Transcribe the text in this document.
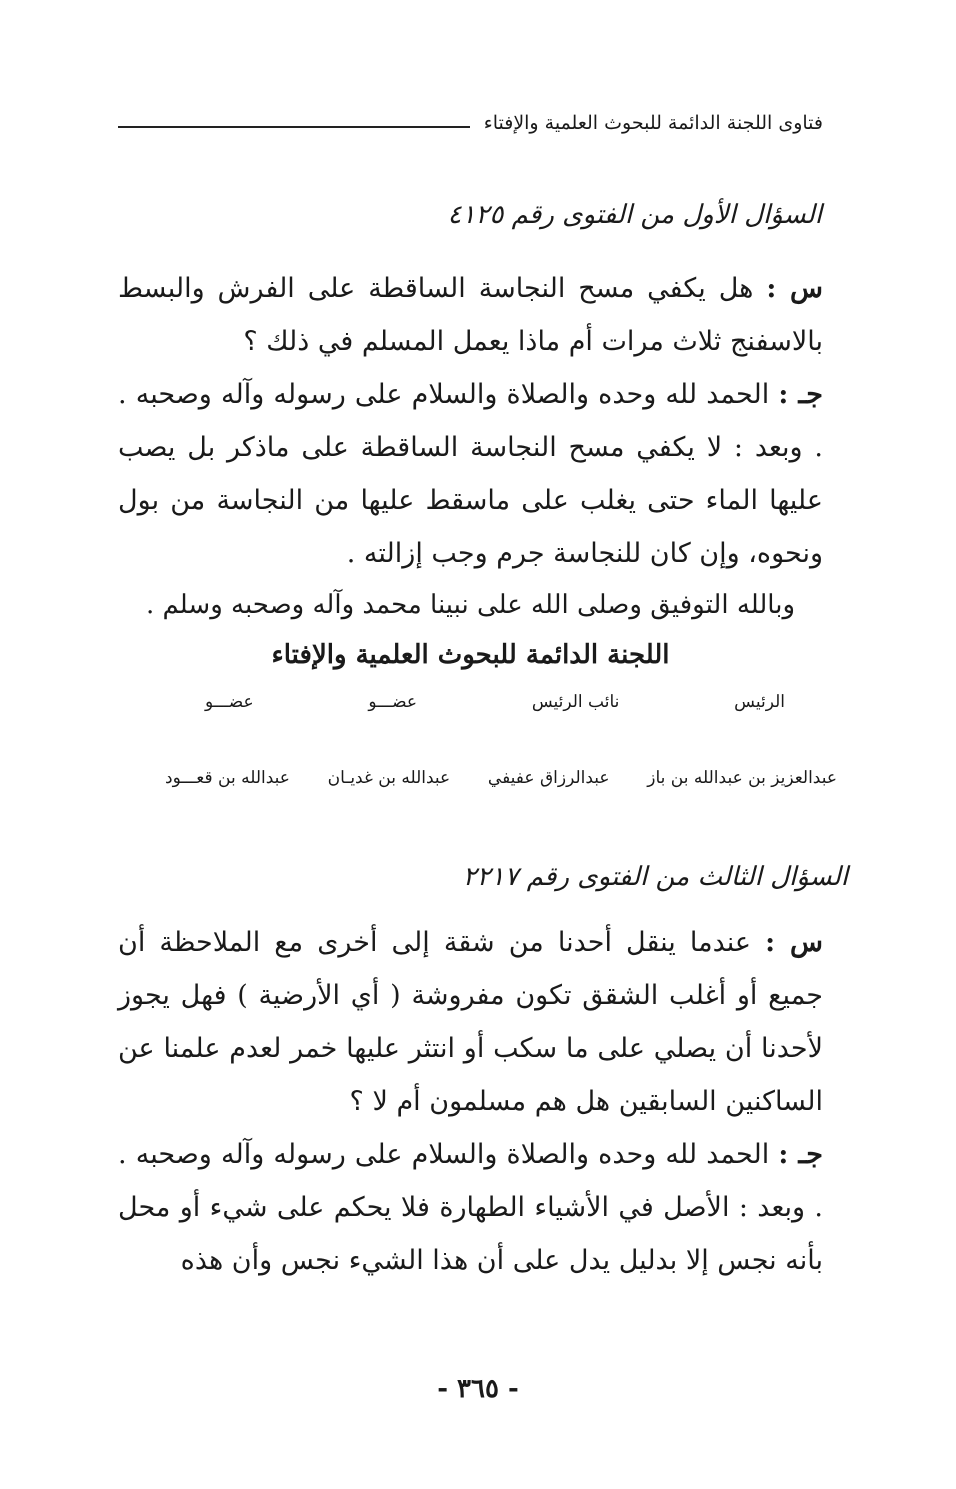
فتاوى اللجنة الدائمة للبحوث العلمية والإفتاء
السؤال الأول من الفتوى رقم ٤١٢٥
س : هل يكفي مسح النجاسة الساقطة على الفرش والبسط بالاسفنج ثلاث مرات أم ماذا يعمل المسلم في ذلك ؟
جـ : الحمد لله وحده والصلاة والسلام على رسوله وآله وصحبه . . وبعد : لا يكفي مسح النجاسة الساقطة على ماذكر بل يصب عليها الماء حتى يغلب على ماسقط عليها من النجاسة من بول ونحوه، وإن كان للنجاسة جرم وجب إزالته .
وبالله التوفيق وصلى الله على نبينا محمد وآله وصحبه وسلم .
اللجنة الدائمة للبحوث العلمية والإفتاء
الرئيس
نائب الرئيس
عضـــو
عضـــو
عبدالعزيز بن عبدالله بن باز
عبدالرزاق عفيفي
عبدالله بن غديـان
عبدالله بن قعـــود
السؤال الثالث من الفتوى رقم ٢٢١٧
س : عندما ينقل أحدنا من شقة إلى أخرى مع الملاحظة أن جميع أو أغلب الشقق تكون مفروشة ( أي الأرضية ) فهل يجوز لأحدنا أن يصلي على ما سكب أو انتثر عليها خمر لعدم علمنا عن الساكنين السابقين هل هم مسلمون أم لا ؟
جـ : الحمد لله وحده والصلاة والسلام على رسوله وآله وصحبه . . وبعد : الأصل في الأشياء الطهارة فلا يحكم على شيء أو محل بأنه نجس إلا بدليل يدل على أن هذا الشيء نجس وأن هذه
- ٣٦٥ -
